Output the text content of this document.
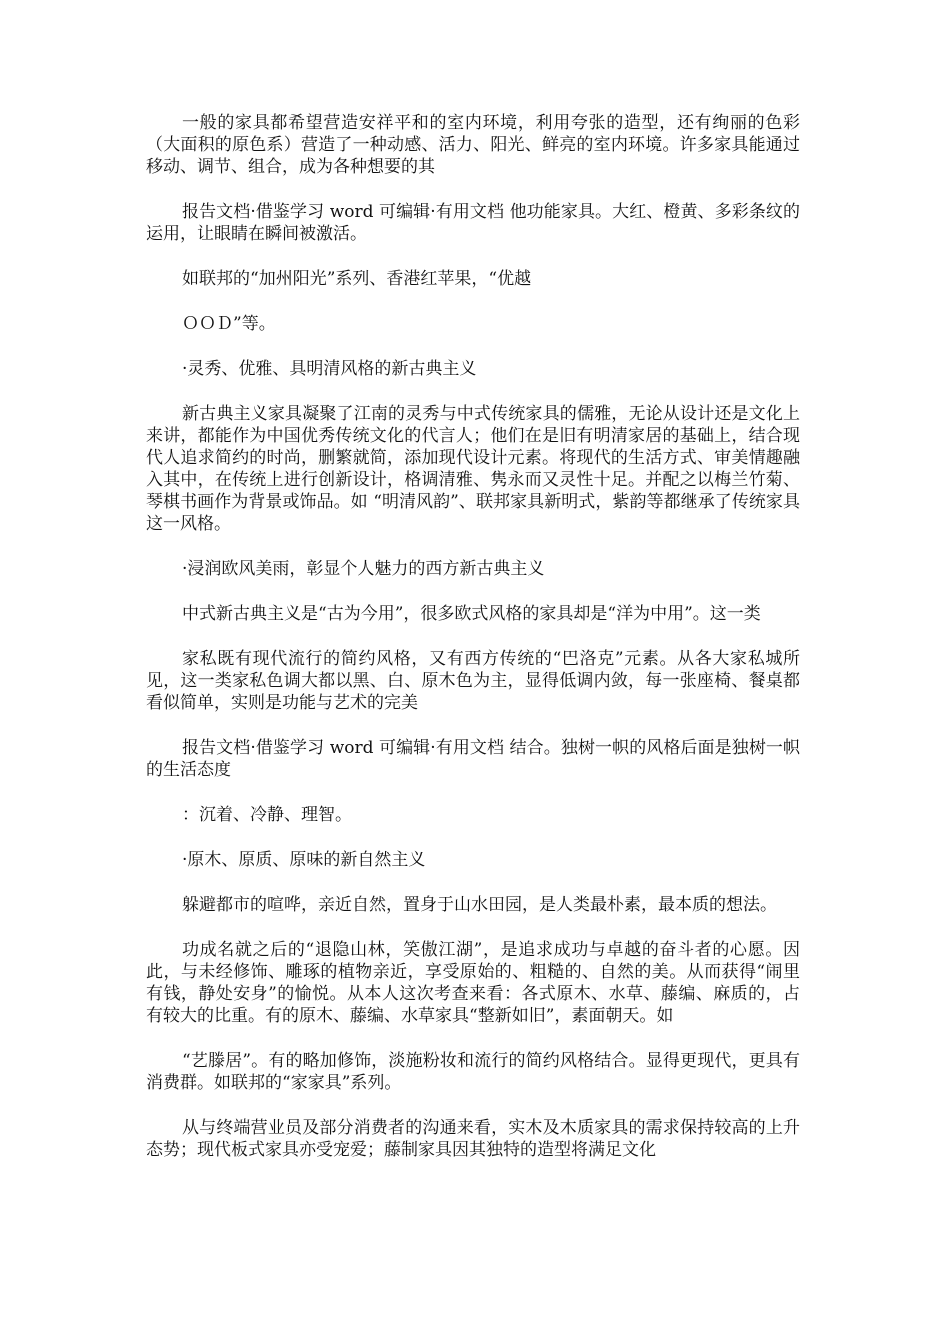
一般的家具都希望营造安祥平和的室内环境，利用夸张的造型，还有绚丽的色彩（大面积的原色系）营造了一种动感、活力、阳光、鲜亮的室内环境。许多家具能通过移动、调节、组合，成为各种想要的其

报告文档·借鉴学习 word 可编辑·有用文档 他功能家具。大红、橙黄、多彩条纹的运用，让眼睛在瞬间被激活。

如联邦的“加州阳光”系列、香港红苹果，“优越

ＯＯＤ”等。

·灵秀、优雅、具明清风格的新古典主义

新古典主义家具凝聚了江南的灵秀与中式传统家具的儒雅，无论从设计还是文化上来讲，都能作为中国优秀传统文化的代言人；他们在是旧有明清家居的基础上，结合现代人追求简约的时尚，删繁就简，添加现代设计元素。将现代的生活方式、审美情趣融入其中，在传统上进行创新设计，格调清雅、隽永而又灵性十足。并配之以梅兰竹菊、琴棋书画作为背景或饰品。如 “明清风韵”、联邦家具新明式，紫韵等都继承了传统家具这一风格。

·浸润欧风美雨，彰显个人魅力的西方新古典主义

中式新古典主义是“古为今用”，很多欧式风格的家具却是“洋为中用”。这一类

家私既有现代流行的简约风格，又有西方传统的“巴洛克”元素。从各大家私城所见，这一类家私色调大都以黑、白、原木色为主，显得低调内敛，每一张座椅、餐桌都看似简单，实则是功能与艺术的完美

报告文档·借鉴学习 word 可编辑·有用文档 结合。独树一帜的风格后面是独树一帜的生活态度

：沉着、冷静、理智。

·原木、原质、原味的新自然主义

躲避都市的喧哗，亲近自然，置身于山水田园，是人类最朴素，最本质的想法。

功成名就之后的“退隐山林，笑傲江湖”，是追求成功与卓越的奋斗者的心愿。因此，与未经修饰、雕琢的植物亲近，享受原始的、粗糙的、自然的美。从而获得“闹里有钱，静处安身”的愉悦。从本人这次考查来看：各式原木、水草、藤编、麻质的，占有较大的比重。有的原木、藤编、水草家具“整新如旧”，素面朝天。如

“艺滕居”。有的略加修饰，淡施粉妆和流行的简约风格结合。显得更现代，更具有消费群。如联邦的“家家具”系列。

从与终端营业员及部分消费者的沟通来看，实木及木质家具的需求保持较高的上升态势；现代板式家具亦受宠爱；藤制家具因其独特的造型将满足文化
